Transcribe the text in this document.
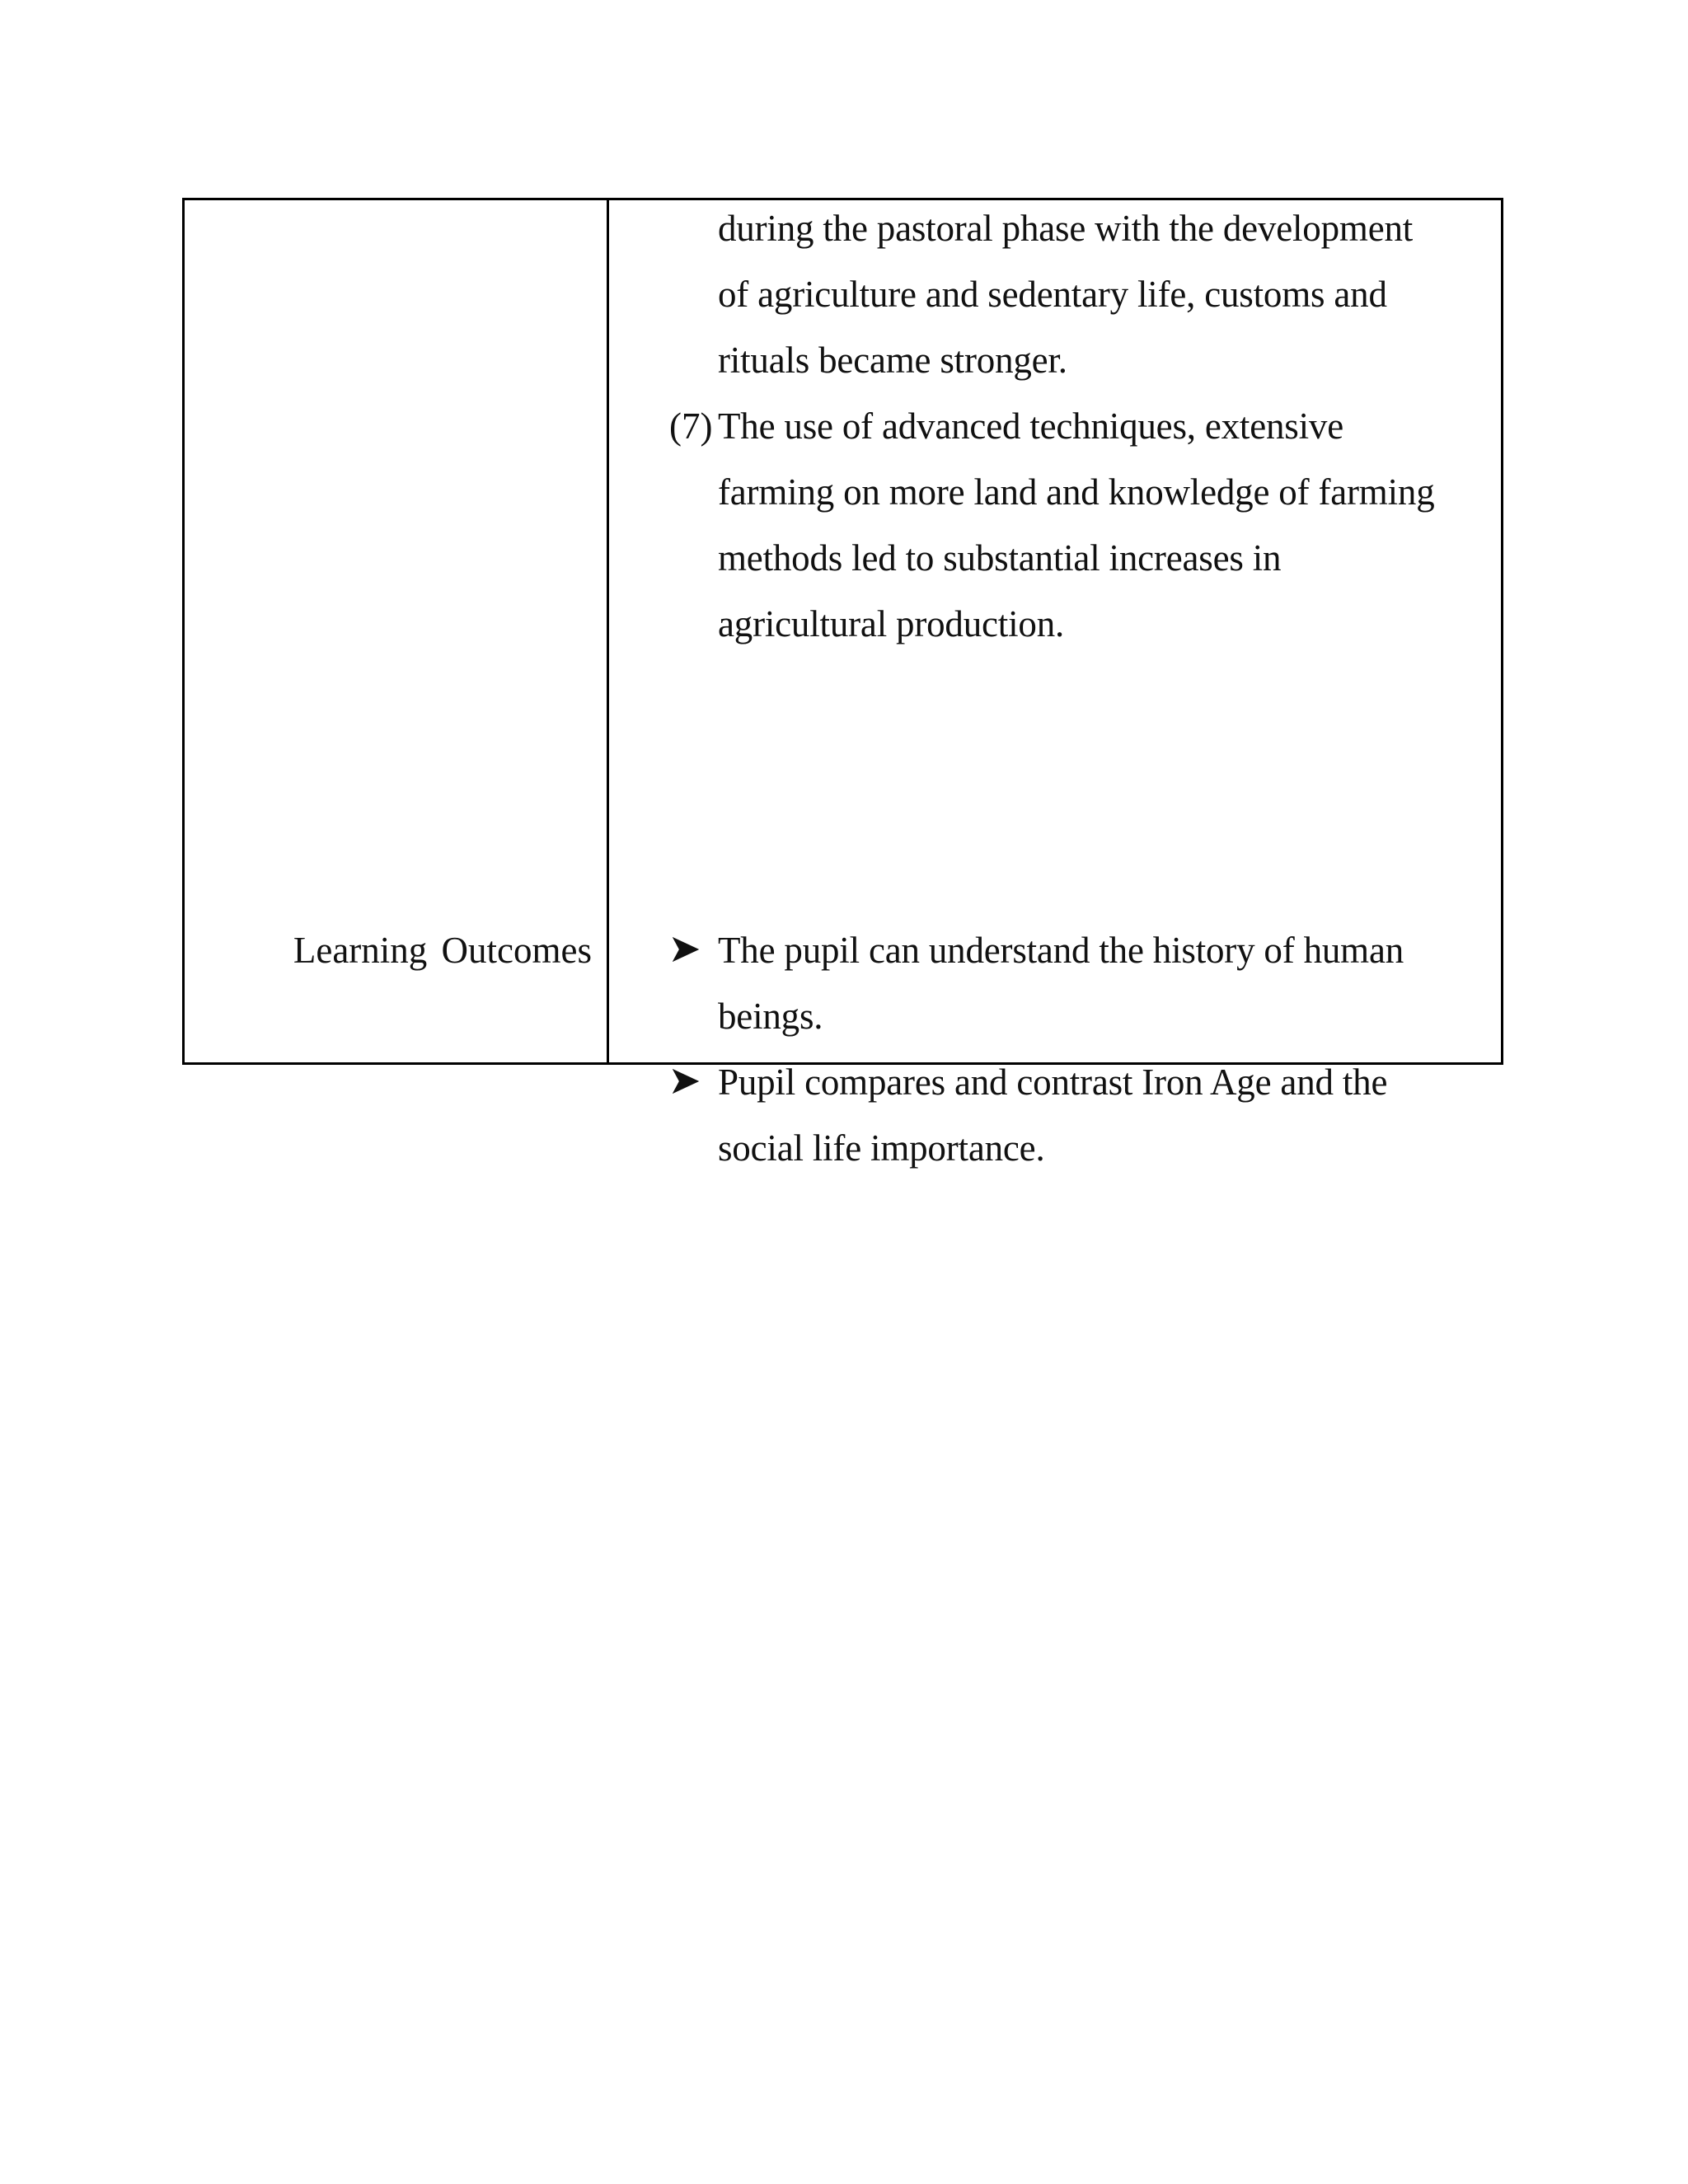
Learning Outcomes
during the pastoral phase with the development
of agriculture and sedentary life, customs and
rituals became stronger.
(7) The use of advanced techniques, extensive
farming on more land and knowledge of farming
methods led to substantial increases in
agricultural production.
The pupil can understand the history of human
beings.
Pupil compares and contrast Iron Age and the
social life importance.
